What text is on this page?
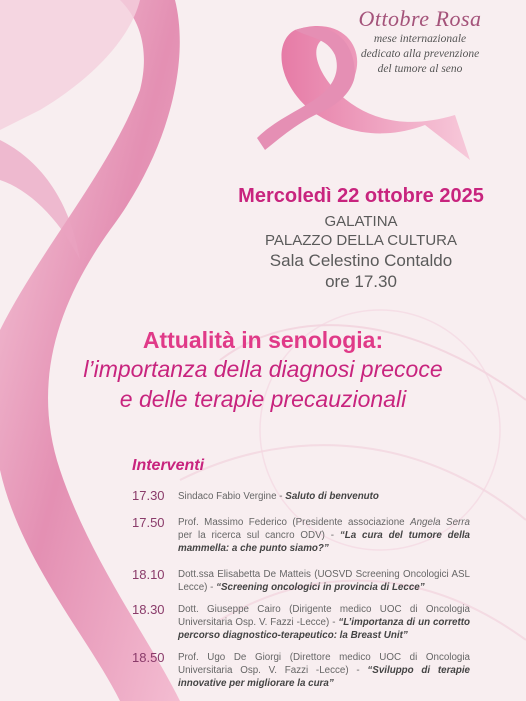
Ottobre Rosa
mese internazionale
dedicato alla prevenzione
del tumore al seno
Mercoledì 22 ottobre 2025
GALATINA
PALAZZO DELLA CULTURA
Sala Celestino Contaldo
ore 17.30
Attualità in senologia:
l’importanza della diagnosi precoce
e delle terapie precauzionali
Interventi
17.30 Sindaco Fabio Vergine - Saluto di benvenuto
17.50 Prof. Massimo Federico (Presidente associazione Angela Serra per la ricerca sul cancro ODV) - “La cura del tumore della mammella: a che punto siamo?”
18.10 Dott.ssa Elisabetta De Matteis (UOSVD Screening Oncologici ASL Lecce) - “Screening oncologici in provincia di Lecce”
18.30 Dott. Giuseppe Cairo (Dirigente medico UOC di Oncologia Universitaria Osp. V. Fazzi -Lecce) - “L’importanza di un corretto percorso diagnostico-terapeutico: la Breast Unit”
18.50 Prof. Ugo De Giorgi (Direttore medico UOC di Oncologia Universitaria Osp. V. Fazzi -Lecce) - “Sviluppo di terapie innovative per migliorare la cura”
